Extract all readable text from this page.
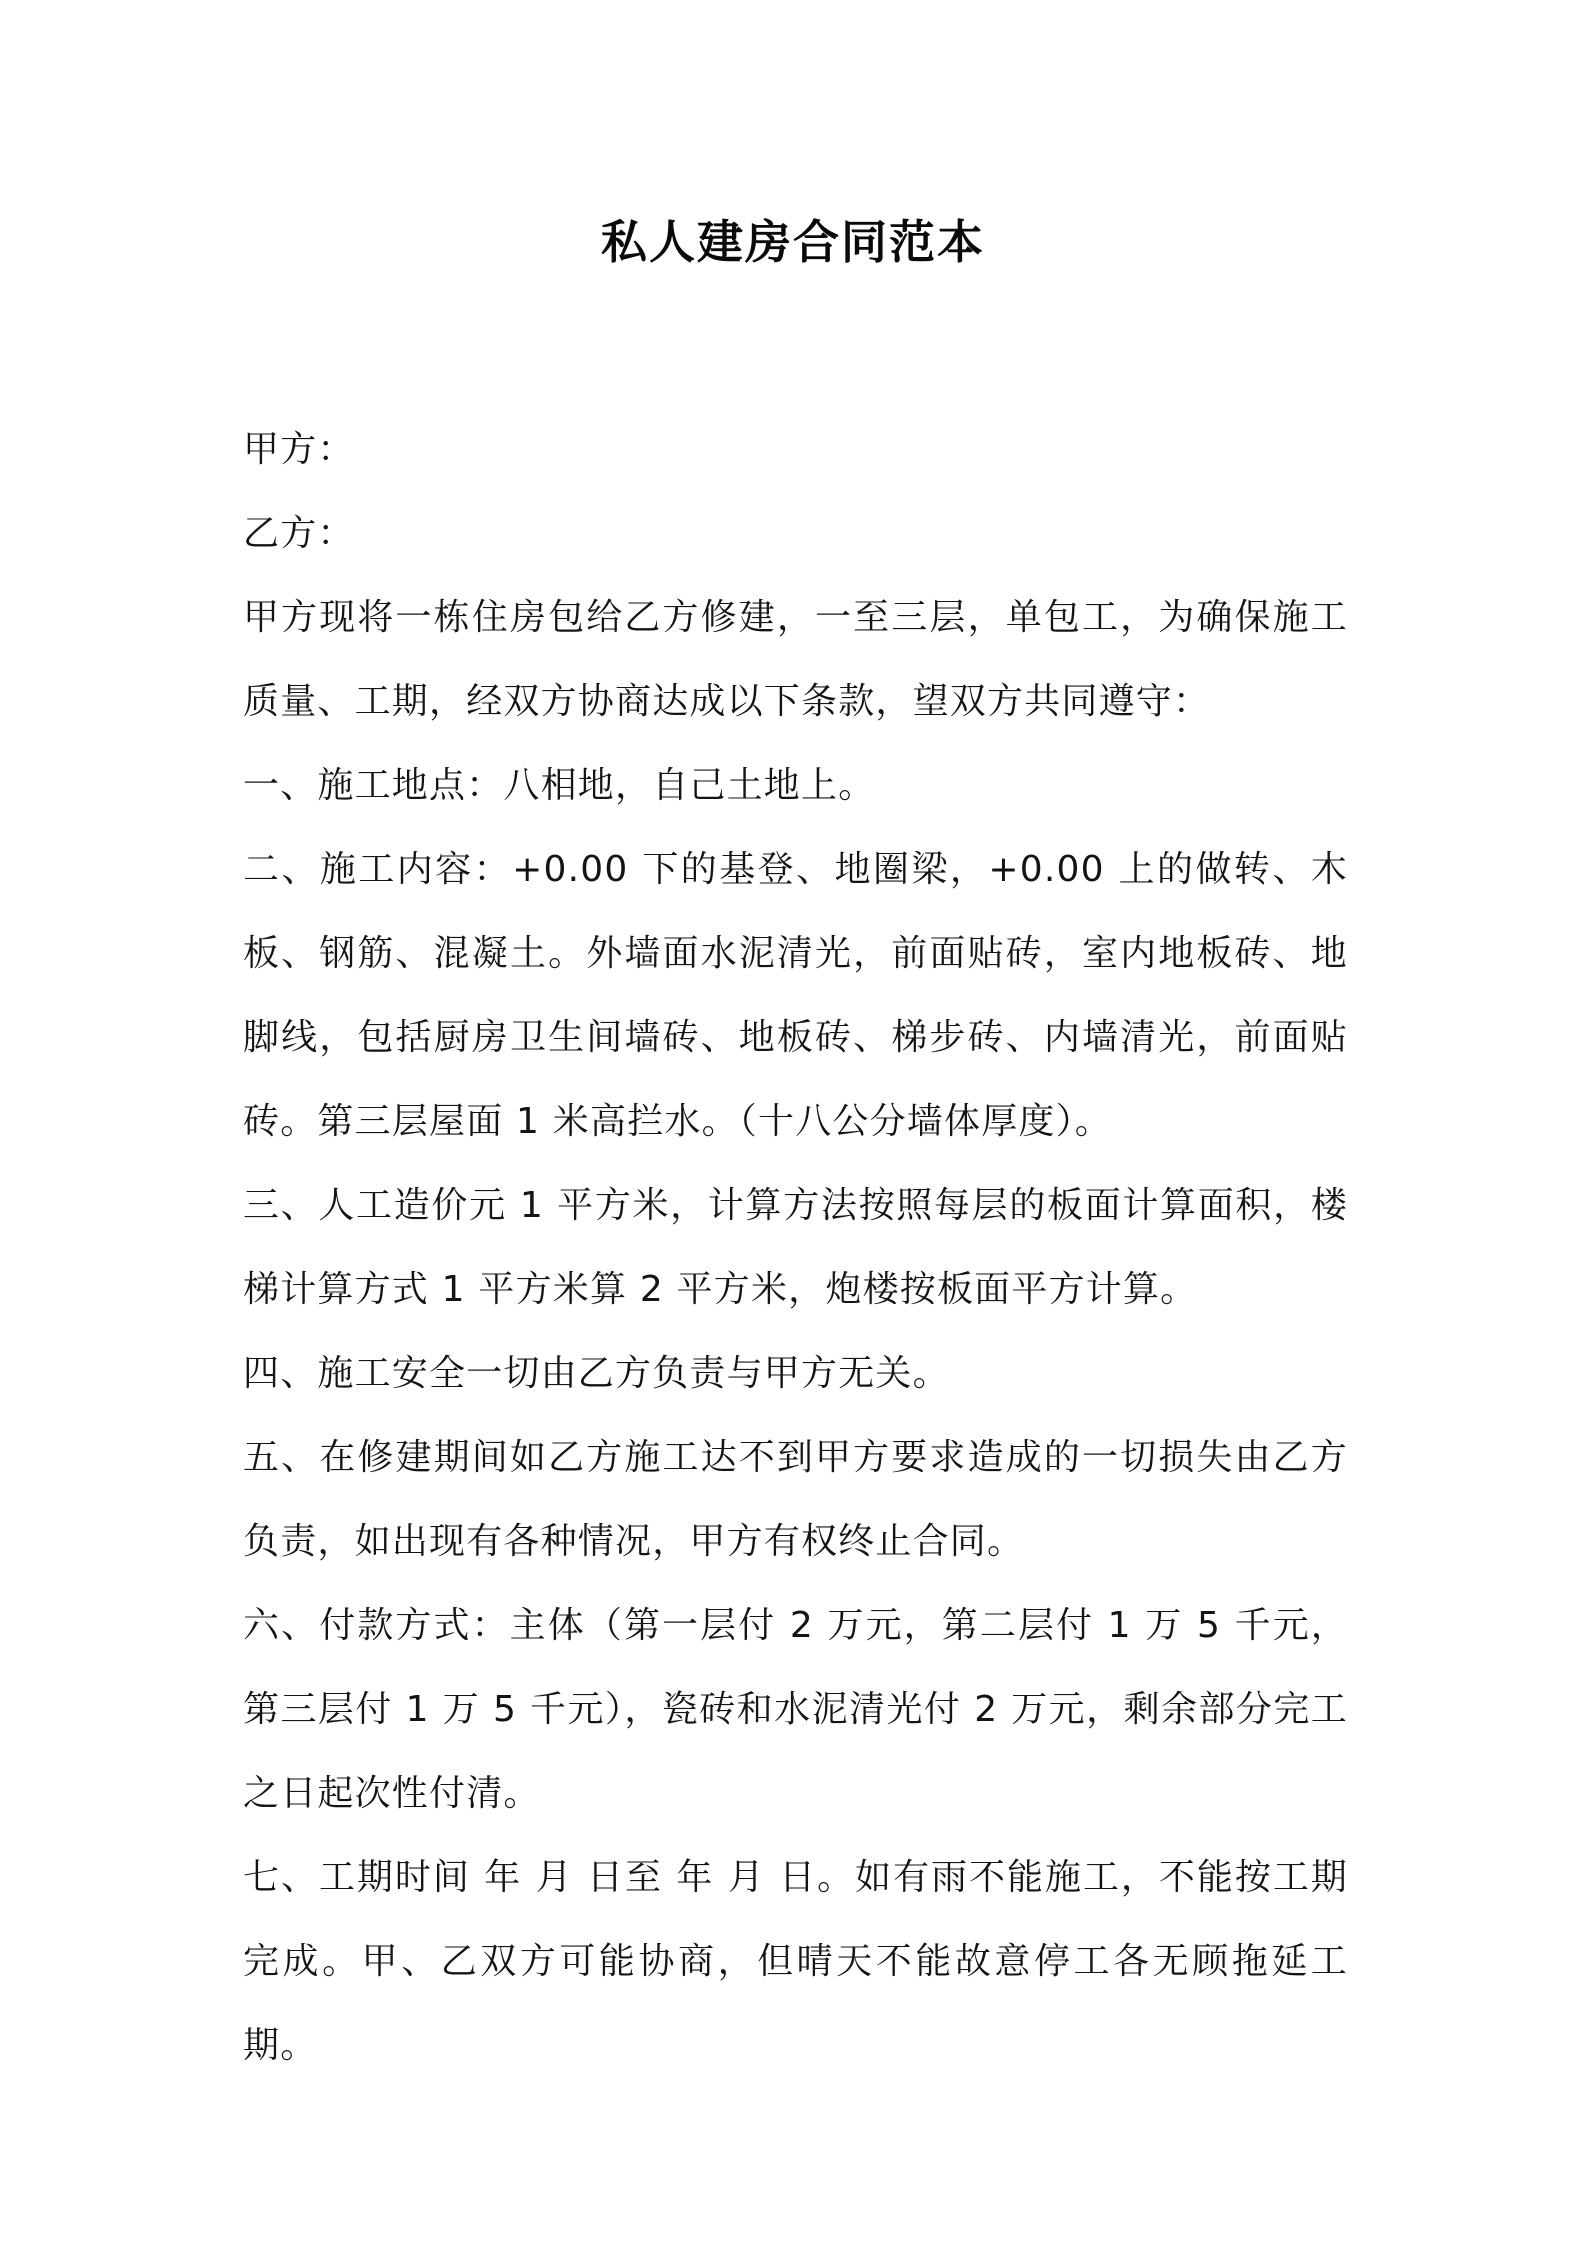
私人建房合同范本

甲方：

乙方：

甲方现将一栋住房包给乙方修建，一至三层，单包工，为确保施工质量、工期，经双方协商达成以下条款，望双方共同遵守：

一、施工地点：八相地，自己土地上。

二、施工内容：+0.00 下的基登、地圈梁，+0.00 上的做转、木板、钢筋、混凝土。外墙面水泥清光，前面贴砖，室内地板砖、地脚线，包括厨房卫生间墙砖、地板砖、梯步砖、内墙清光，前面贴砖。第三层屋面 1 米高拦水。（十八公分墙体厚度）。

三、人工造价元 1 平方米，计算方法按照每层的板面计算面积，楼梯计算方式 1 平方米算 2 平方米，炮楼按板面平方计算。

四、施工安全一切由乙方负责与甲方无关。

五、在修建期间如乙方施工达不到甲方要求造成的一切损失由乙方负责，如出现有各种情况，甲方有权终止合同。

六、付款方式：主体（第一层付 2 万元，第二层付 1 万 5 千元，第三层付 1 万 5 千元），瓷砖和水泥清光付 2 万元，剩余部分完工之日起次性付清。

七、工期时间 年 月 日至 年 月 日。如有雨不能施工，不能按工期完成。甲、乙双方可能协商，但晴天不能故意停工各无顾拖延工期。
